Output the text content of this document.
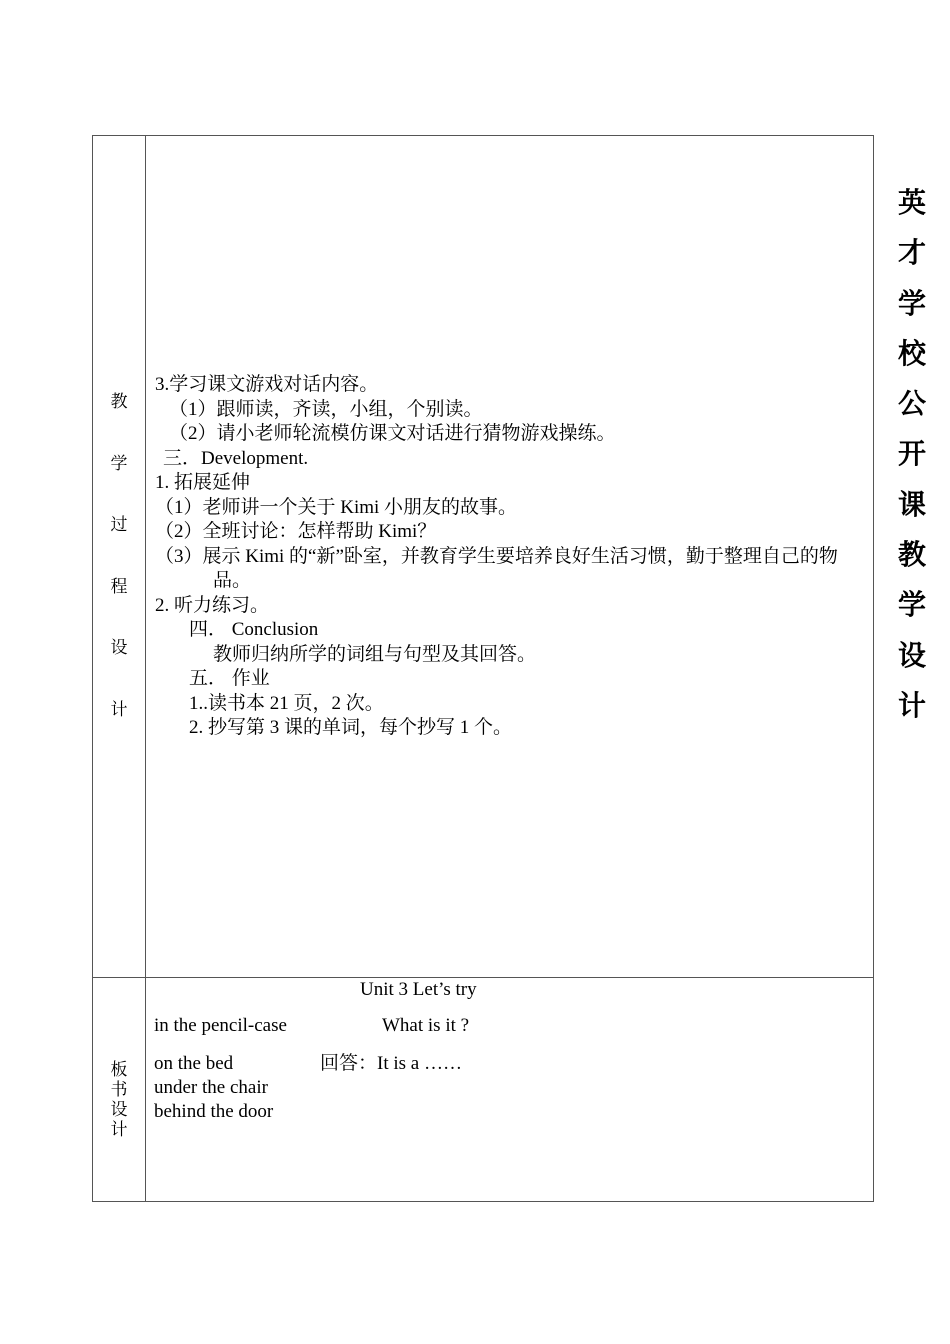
教
学
过
程
设
计
板
书
设
计
3.学习课文游戏对话内容。
（1）跟师读，齐读，小组，个别读。
（2）请小老师轮流模仿课文对话进行猜物游戏操练。
三．Development.
1. 拓展延伸
（1）老师讲一个关于 Kimi 小朋友的故事。
（2）全班讨论：怎样帮助 Kimi？
（3）展示 Kimi 的“新”卧室，并教育学生要培养良好生活习惯，勤于整理自己的物品。
2. 听力练习。
四． Conclusion
教师归纳所学的词组与句型及其回答。
五． 作业
1..读书本 21 页，2 次。
2. 抄写第 3 课的单词，每个抄写 1 个。
Unit 3 Let’s try
in the pencil-case	What is it ?
on the bed	回答：It is a ……
under the chair
behind the door
英
才
学
校
公
开
课
教
学
设
计
